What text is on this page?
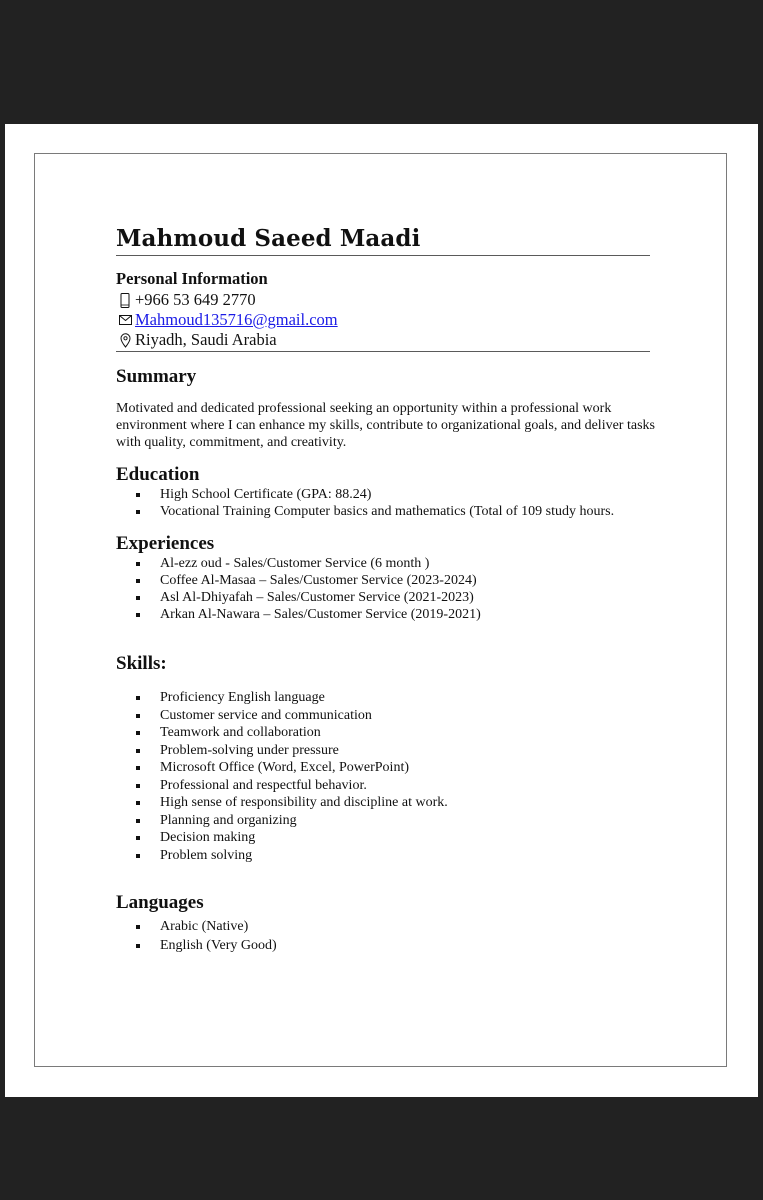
Mahmoud Saeed Maadi
Personal Information
+966 53 649 2770
Mahmoud135716@gmail.com
Riyadh, Saudi Arabia
Summary
Motivated and dedicated professional seeking an opportunity within a professional work environment where I can enhance my skills, contribute to organizational goals, and deliver tasks with quality, commitment, and creativity.
Education
High School Certificate (GPA: 88.24)
Vocational Training Computer basics and mathematics (Total of 109 study hours.
Experiences
Al-ezz oud - Sales/Customer Service (6 month )
Coffee Al-Masaa – Sales/Customer Service (2023-2024)
Asl Al-Dhiyafah – Sales/Customer Service (2021-2023)
Arkan Al-Nawara – Sales/Customer Service (2019-2021)
Skills:
Proficiency English language
Customer service and communication
Teamwork and collaboration
Problem-solving under pressure
Microsoft Office (Word, Excel, PowerPoint)
Professional and respectful behavior.
High sense of responsibility and discipline at work.
Planning and organizing
Decision making
Problem solving
Languages
Arabic (Native)
English (Very Good)
